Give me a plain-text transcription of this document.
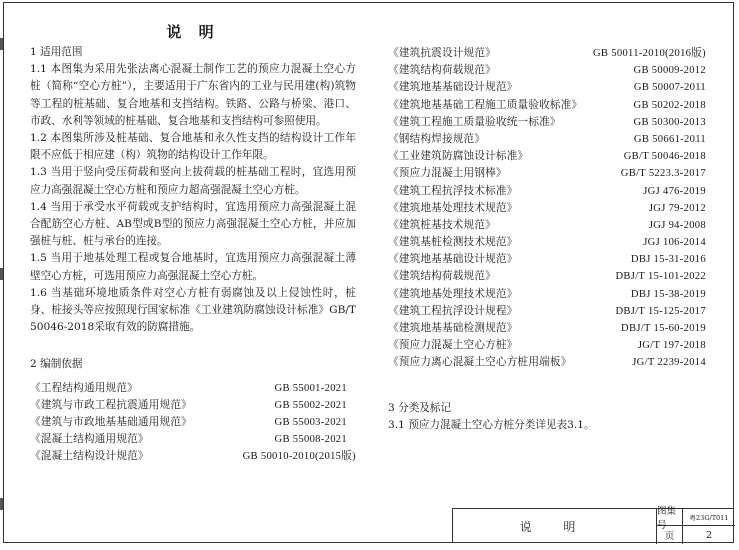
说 明
1 适用范围

1.1 本图集为采用先张法离心混凝土制作工艺的预应力混凝土空心方桩（简称“空心方桩”），主要适用于广东省内的工业与民用建(构)筑物等工程的桩基础、复合地基和支挡结构。铁路、公路与桥梁、港口、市政、水利等领域的桩基础、复合地基和支挡结构可参照使用。

1.2 本图集所涉及桩基础、复合地基和永久性支挡的结构设计工作年限不应低于相应建（构）筑物的结构设计工作年限。

1.3 当用于竖向受压荷载和竖向上拔荷载的桩基础工程时，宜选用预应力高强混凝土空心方桩和预应力超高强混凝土空心方桩。

1.4 当用于承受水平荷载或支护结构时，宜选用预应力高强混凝土混合配筋空心方桩、AB型或B型的预应力高强混凝土空心方桩，并应加强桩与桩、桩与承台的连接。

1.5 当用于地基处理工程或复合地基时，宜选用预应力高强混凝土薄壁空心方桩，可选用预应力高强混凝土空心方桩。

1.6 当基础环境地质条件对空心方桩有弱腐蚀及以上侵蚀性时，桩身、桩接头等应按照现行国家标准《工业建筑防腐蚀设计标准》GB/T 50046-2018采取有效的防腐措施。

2 编制依据
《工程结构通用规范》	GB 55001-2021
《建筑与市政工程抗震通用规范》	GB 55002-2021
《建筑与市政地基基础通用规范》	GB 55003-2021
《混凝土结构通用规范》	GB 55008-2021
《混凝土结构设计规范》	GB 50010-2010(2015版)
《建筑抗震设计规范》	GB 50011-2010(2016版)
《建筑结构荷载规范》	GB 50009-2012
《建筑地基基础设计规范》	GB 50007-2011
《建筑地基基础工程施工质量验收标准》	GB 50202-2018
《建筑工程施工质量验收统一标准》	GB 50300-2013
《钢结构焊接规范》	GB 50661-2011
《工业建筑防腐蚀设计标准》	GB/T 50046-2018
《预应力混凝土用钢棒》	GB/T 5223.3-2017
《建筑工程抗浮技术标准》	JGJ 476-2019
《建筑地基处理技术规范》	JGJ 79-2012
《建筑桩基技术规范》	JGJ 94-2008
《建筑基桩检测技术规范》	JGJ 106-2014
《建筑地基基础设计规范》	DBJ 15-31-2016
《建筑结构荷载规范》	DBJ/T 15-101-2022
《建筑地基处理技术规范》	DBJ 15-38-2019
《建筑工程抗浮设计规程》	DBJ/T 15-125-2017
《建筑地基基础检测规范》	DBJ/T 15-60-2019
《预应力混凝土空心方桩》	JG/T 197-2018
《预应力离心混凝土空心方桩用端板》	JG/T 2239-2014
3 分类及标记
3.1 预应力混凝土空心方桩分类详见表3.1。
说 明
图集号
粤23G/T011
页	2
